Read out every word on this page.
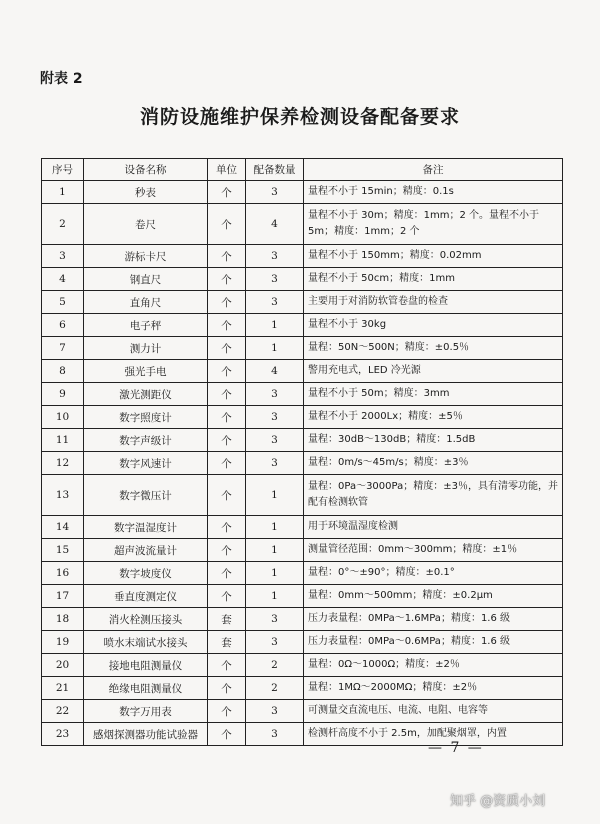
附表 2
消防设施维护保养检测设备配备要求
序号	设备名称	单位	配备数量	备注
1	秒表	个	3	量程不小于 15min；精度：0.1s
2	卷尺	个	4	量程不小于 30m；精度：1mm；2 个。量程不小于 5m；精度：1mm；2 个
3	游标卡尺	个	3	量程不小于 150mm；精度：0.02mm
4	钢直尺	个	3	量程不小于 50cm；精度：1mm
5	直角尺	个	3	主要用于对消防软管卷盘的检查
6	电子秤	个	1	量程不小于 30kg
7	测力计	个	1	量程：50N～500N；精度：±0.5％
8	强光手电	个	4	警用充电式，LED 冷光源
9	激光测距仪	个	3	量程不小于 50m；精度：3mm
10	数字照度计	个	3	量程不小于 2000Lx；精度：±5％
11	数字声级计	个	3	量程：30dB～130dB；精度：1.5dB
12	数字风速计	个	3	量程：0m/s～45m/s；精度：±3％
13	数字微压计	个	1	量程：0Pa～3000Pa；精度：±3％，具有清零功能，并配有检测软管
14	数字温湿度计	个	1	用于环境温湿度检测
15	超声波流量计	个	1	测量管径范围：0mm～300mm；精度：±1％
16	数字坡度仪	个	1	量程：0°～±90°；精度：±0.1°
17	垂直度测定仪	个	1	量程：0mm～500mm；精度：±0.2μm
18	消火栓测压接头	套	3	压力表量程：0MPa～1.6MPa；精度：1.6 级
19	喷水末端试水接头	套	3	压力表量程：0MPa～0.6MPa；精度：1.6 级
20	接地电阻测量仪	个	2	量程：0Ω～1000Ω；精度：±2％
21	绝缘电阻测量仪	个	2	量程：1MΩ～2000MΩ；精度：±2％
22	数字万用表	个	3	可测量交直流电压、电流、电阻、电容等
23	感烟探测器功能试验器	个	3	检测杆高度不小于 2.5m，加配聚烟罩，内置
— 7 —
知乎 @资质小刘
